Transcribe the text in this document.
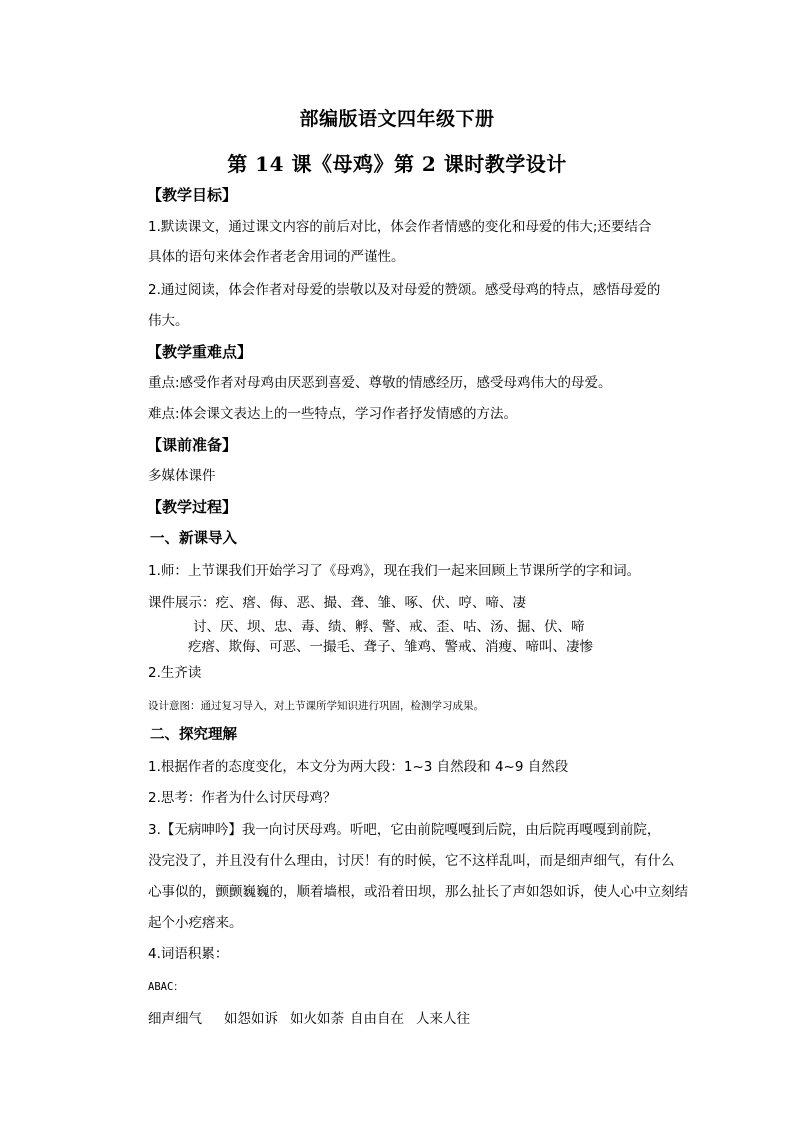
部编版语文四年级下册
第 14 课《母鸡》第 2 课时教学设计
【教学目标】
1.默读课文，通过课文内容的前后对比，体会作者情感的变化和母爱的伟大;还要结合
具体的语句来体会作者老舍用词的严谨性。
2.通过阅读，体会作者对母爱的崇敬以及对母爱的赞颂。感受母鸡的特点，感悟母爱的
伟大。
【教学重难点】
重点:感受作者对母鸡由厌恶到喜爱、尊敬的情感经历，感受母鸡伟大的母爱。
难点:体会课文表达上的一些特点，学习作者抒发情感的方法。
【课前准备】
多媒体课件
【教学过程】
一、新课导入
1.师：上节课我们开始学习了《母鸡》，现在我们一起来回顾上节课所学的字和词。
课件展示：疙、瘩、侮、恶、撮、聋、雏、啄、伏、哼、啼、凄
讨、厌、坝、忠、毒、绩、孵、警、戒、歪、咕、汤、掘、伏、啼
疙瘩、欺侮、可恶、一撮毛、聋子、雏鸡、警戒、消瘦、啼叫、凄惨
2.生齐读
设计意图：通过复习导入，对上节课所学知识进行巩固，检测学习成果。
二、探究理解
1.根据作者的态度变化，本文分为两大段：1~3 自然段和 4~9 自然段
2.思考：作者为什么讨厌母鸡？
3.【无病呻吟】我一向讨厌母鸡。听吧，它由前院嘎嘎到后院，由后院再嘎嘎到前院，
没完没了，并且没有什么理由，讨厌！有的时候，它不这样乱叫，而是细声细气，有什么
心事似的，颤颤巍巍的，顺着墙根，或沿着田坝，那么扯长了声如怨如诉，使人心中立刻结
起个小疙瘩来。
4.词语积累：
ABAC：
细声细气 如怨如诉 如火如荼 自由自在 人来人往
